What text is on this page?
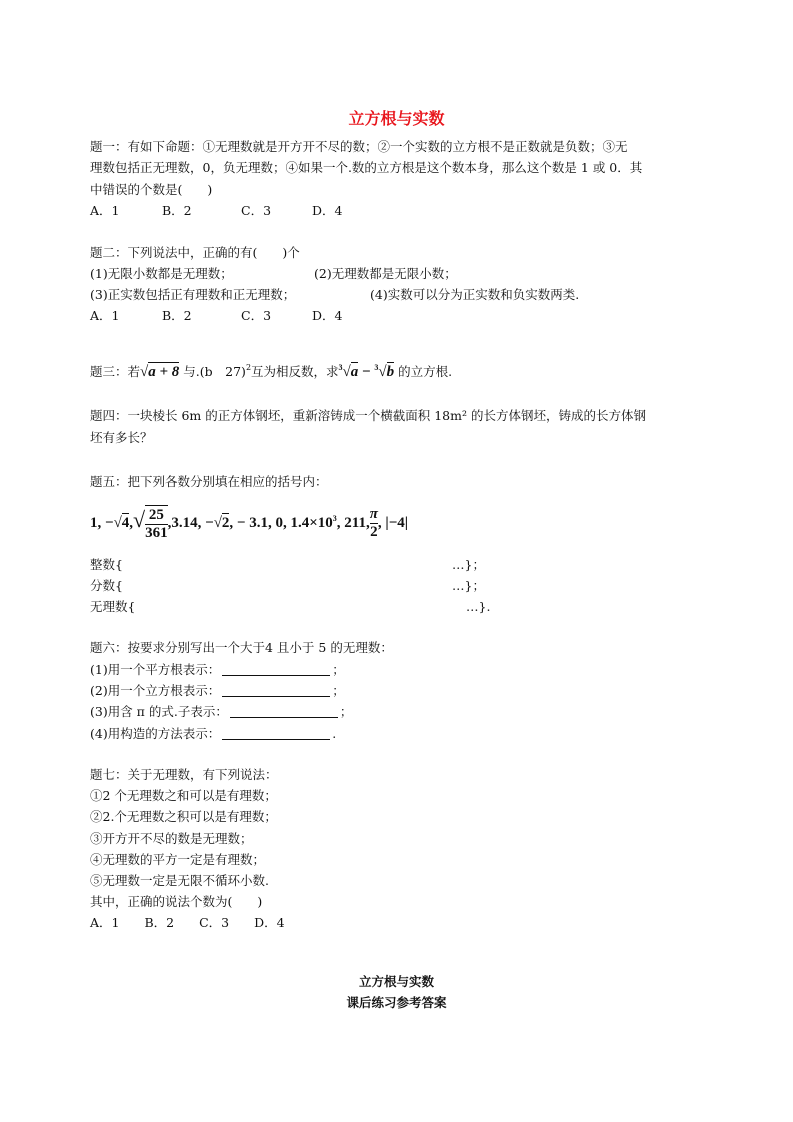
立方根与实数
题一：有如下命题：①无理数就是开方开不尽的数；②一个实数的立方根不是正数就是负数；③无
理数包括正无理数，0，负无理数；④如果一个.数的立方根是这个数本身，那么这个数是 1 或 0．其
中错误的个数是(　　)
A．1	B．2	C．3	D．4
题二：下列说法中，正确的有(　　)个
(1)无限小数都是无理数；	(2)无理数都是无限小数；
(3)正实数包括正有理数和正无理数；	(4)实数可以分为正实数和负实数两类.
A．1	B．2	C．3	D．4
题三：若√a + 8 与.(b　27)$^2$互为相反数，求$^3$√a − $^3$√b 的立方根.
题四：一块棱长 6m 的正方体钢坯，重新溶铸成一个横截面积 18m² 的长方体钢坯，铸成的长方体钢
坯有多长？
题五：把下列各数分别填在相应的括号内：
1, $-√4,√ \frac{25}{361} ,3.14$, −√2, − 3.1, 0, $1.4\times 10^3$, 211, $\frac{\pi}{2}$ , |−4|
整数{	…}；
分数{	…}；
无理数{	…}.
题六：按要求分别写出一个大于4 且小于 5 的无理数：
(1)用一个平方根表示：	；
(2)用一个立方根表示：	；
(3)用含 π 的式.子表示：	；
(4)用构造的方法表示：	.
题七：关于无理数，有下列说法：
①2 个无理数之和可以是有理数；
②2.个无理数之积可以是有理数；
③开方开不尽的数是无理数；
④无理数的平方一定是有理数；
⑤无理数一定是无限不循环小数.
其中，正确的说法个数为(　　)
A．1　　B．2　　C．3　　D．4
立方根与实数
课后练习参考答案
